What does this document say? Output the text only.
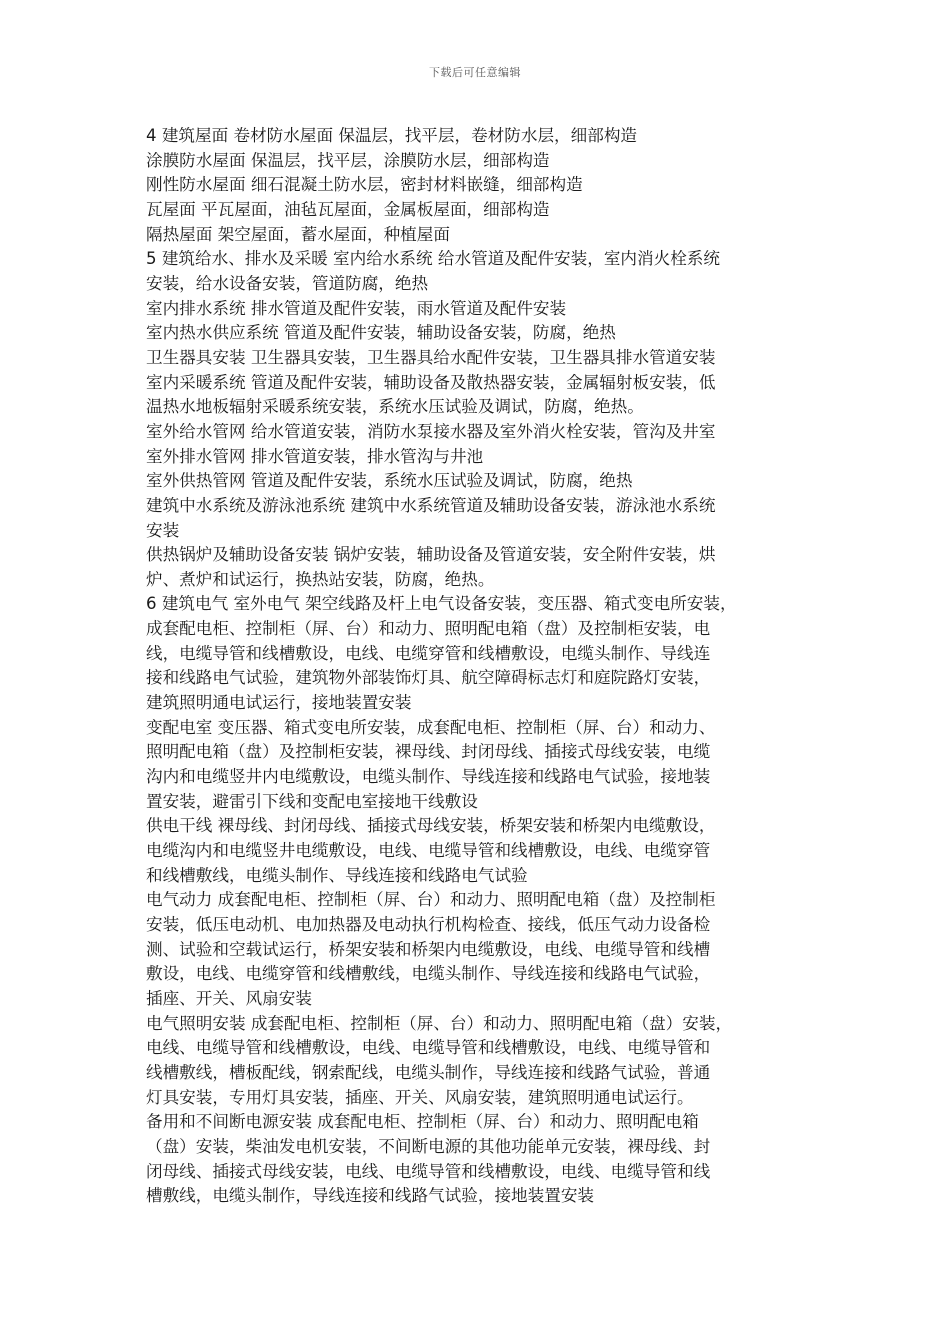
下载后可任意编辑
4 建筑屋面 卷材防水屋面 保温层，找平层，卷材防水层，细部构造
涂膜防水屋面 保温层，找平层，涂膜防水层，细部构造
刚性防水屋面 细石混凝土防水层，密封材料嵌缝，细部构造
瓦屋面 平瓦屋面，油毡瓦屋面，金属板屋面，细部构造
隔热屋面 架空屋面，蓄水屋面，种植屋面
5 建筑给水、排水及采暖 室内给水系统 给水管道及配件安装，室内消火栓系统
安装，给水设备安装，管道防腐，绝热
室内排水系统 排水管道及配件安装，雨水管道及配件安装
室内热水供应系统 管道及配件安装，辅助设备安装，防腐，绝热
卫生器具安装 卫生器具安装，卫生器具给水配件安装，卫生器具排水管道安装
室内采暖系统 管道及配件安装，辅助设备及散热器安装，金属辐射板安装，低
温热水地板辐射采暖系统安装，系统水压试验及调试，防腐，绝热。
室外给水管网 给水管道安装，消防水泵接水器及室外消火栓安装，管沟及井室
室外排水管网 排水管道安装，排水管沟与井池
室外供热管网 管道及配件安装，系统水压试验及调试，防腐，绝热
建筑中水系统及游泳池系统 建筑中水系统管道及辅助设备安装，游泳池水系统
安装
供热锅炉及辅助设备安装 锅炉安装，辅助设备及管道安装，安全附件安装，烘
炉、煮炉和试运行，换热站安装，防腐，绝热。
6 建筑电气 室外电气 架空线路及杆上电气设备安装，变压器、箱式变电所安装，
成套配电柜、控制柜（屏、台）和动力、照明配电箱（盘）及控制柜安装，电
线，电缆导管和线槽敷设，电线、电缆穿管和线槽敷设，电缆头制作、导线连
接和线路电气试验，建筑物外部装饰灯具、航空障碍标志灯和庭院路灯安装，
建筑照明通电试运行，接地装置安装
变配电室 变压器、箱式变电所安装，成套配电柜、控制柜（屏、台）和动力、
照明配电箱（盘）及控制柜安装，裸母线、封闭母线、插接式母线安装，电缆
沟内和电缆竖井内电缆敷设，电缆头制作、导线连接和线路电气试验，接地装
置安装，避雷引下线和变配电室接地干线敷设
供电干线 裸母线、封闭母线、插接式母线安装，桥架安装和桥架内电缆敷设，
电缆沟内和电缆竖井电缆敷设，电线、电缆导管和线槽敷设，电线、电缆穿管
和线槽敷线，电缆头制作、导线连接和线路电气试验
电气动力 成套配电柜、控制柜（屏、台）和动力、照明配电箱（盘）及控制柜
安装，低压电动机、电加热器及电动执行机构检查、接线，低压气动力设备检
测、试验和空载试运行，桥架安装和桥架内电缆敷设，电线、电缆导管和线槽
敷设，电线、电缆穿管和线槽敷线，电缆头制作、导线连接和线路电气试验，
插座、开关、风扇安装
电气照明安装 成套配电柜、控制柜（屏、台）和动力、照明配电箱（盘）安装，
电线、电缆导管和线槽敷设，电线、电缆导管和线槽敷设，电线、电缆导管和
线槽敷线，槽板配线，钢索配线，电缆头制作，导线连接和线路气试验，普通
灯具安装，专用灯具安装，插座、开关、风扇安装，建筑照明通电试运行。
备用和不间断电源安装 成套配电柜、控制柜（屏、台）和动力、照明配电箱
（盘）安装，柴油发电机安装，不间断电源的其他功能单元安装，裸母线、封
闭母线、插接式母线安装，电线、电缆导管和线槽敷设，电线、电缆导管和线
槽敷线，电缆头制作，导线连接和线路气试验，接地装置安装
